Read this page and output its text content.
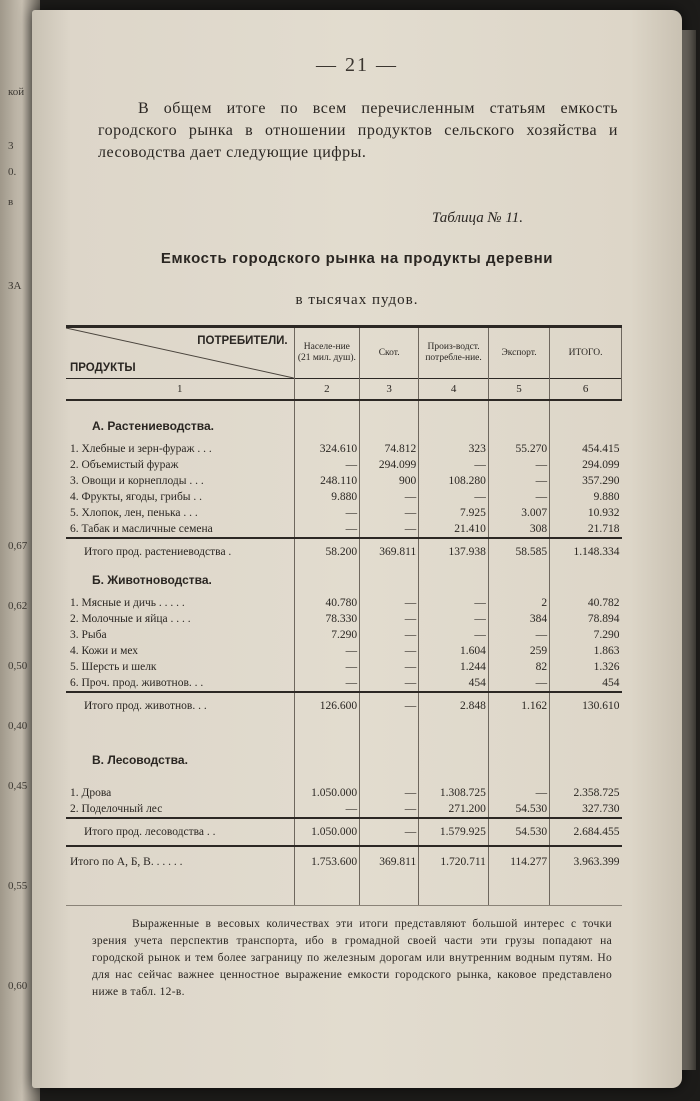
кой
3
0.
в
ЗА
0,67
0,62
0,50
0,40
0,45
0,55
0,60
— 21 —
В общем итоге по всем перечисленным статьям емкость городского рынка в отношении продуктов сельского хозяйства и лесоводства дает следующие цифры.
Таблица № 11.
Емкость городского рынка на продукты деревни
в тысячах пудов.
ПОТРЕБИТЕЛИ.
ПРОДУКТЫ	Населе-ние (21 мил. душ).	Скот.	Произ-водст. потребле-ние.	Экспорт.	ИТОГО.
1	2	3	4	5	6

А. Растениеводства.					
1. Хлебные и зерн-фураж . . .	324.610	74.812	323	55.270	454.415
2. Объемистый фураж	—	294.099	—	—	294.099
3. Овощи и корнеплоды . . .	248.110	900	108.280	—	357.290
4. Фрукты, ягоды, грибы . .	9.880	—	—	—	9.880
5. Хлопок, лен, пенька . . .	—	—	7.925	3.007	10.932
6. Табак и масличные семена	—	—	21.410	308	21.718
Итого прод. растениеводства .	58.200	369.811	137.938	58.585	1.148.334
Б. Животноводства.					
1. Мясные и дичь . . . . .	40.780	—	—	2	40.782
2. Молочные и яйца . . . .	78.330	—	—	384	78.894
3. Рыба	7.290	—	—	—	7.290
4. Кожи и мех	—	—	1.604	259	1.863
5. Шерсть и шелк	—	—	1.244	82	1.326
6. Проч. прод. животнов. . .	—	—	454	—	454
Итого прод. животнов. . .	126.600	—	2.848	1.162	130.610

В. Лесоводства.					

1. Дрова	1.050.000	—	1.308.725	—	2.358.725
2. Поделочный лес	—	—	271.200	54.530	327.730
Итого прод. лесоводства . .	1.050.000	—	1.579.925	54.530	2.684.455
Итого по А, Б, В. . . . . .	1.753.600	369.811	1.720.711	114.277	3.963.399

Выраженные в весовых количествах эти итоги представляют большой интерес с точки зрения учета перспектив транспорта, ибо в громадной своей части эти грузы попадают на городской рынок и тем более заграницу по железным дорогам или внутренним водным путям. Но для нас сейчас важнее ценностное выражение емкости городского рынка, каковое представлено ниже в табл. 12-в.
